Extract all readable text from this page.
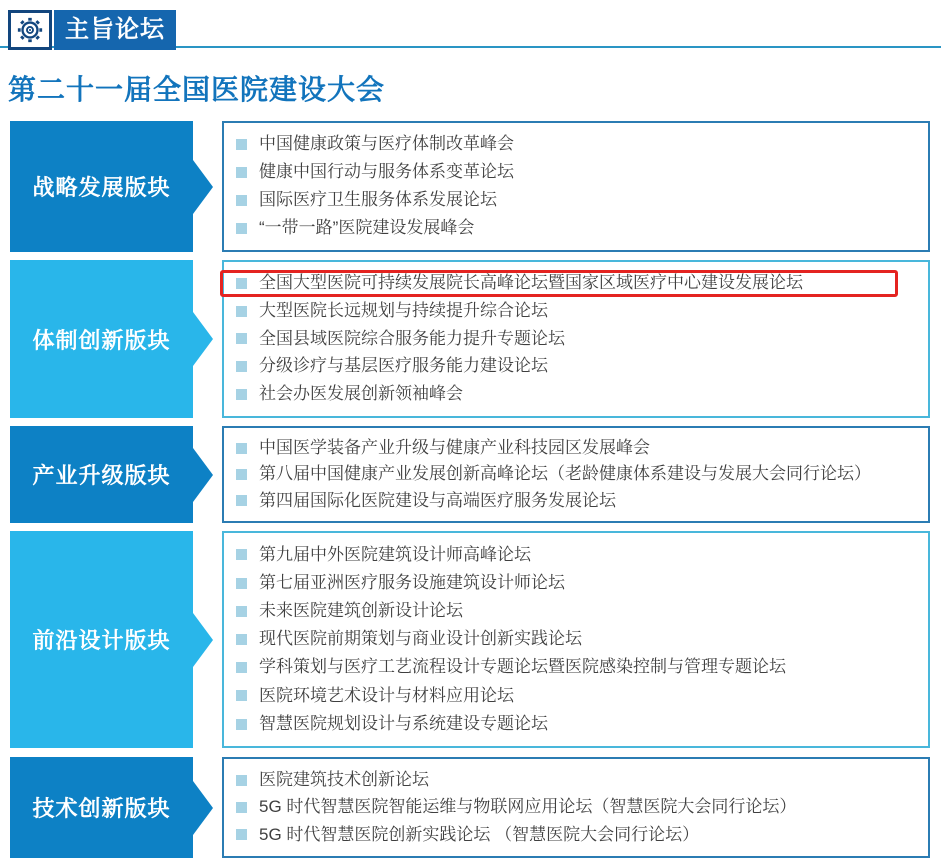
主旨论坛
第二十一届全国医院建设大会
战略发展版块
中国健康政策与医疗体制改革峰会
健康中国行动与服务体系变革论坛
国际医疗卫生服务体系发展论坛
“一带一路”医院建设发展峰会
体制创新版块
全国大型医院可持续发展院长高峰论坛暨国家区域医疗中心建设发展论坛
大型医院长远规划与持续提升综合论坛
全国县域医院综合服务能力提升专题论坛
分级诊疗与基层医疗服务能力建设论坛
社会办医发展创新领袖峰会
产业升级版块
中国医学装备产业升级与健康产业科技园区发展峰会
第八届中国健康产业发展创新高峰论坛（老龄健康体系建设与发展大会同行论坛）
第四届国际化医院建设与高端医疗服务发展论坛
前沿设计版块
第九届中外医院建筑设计师高峰论坛
第七届亚洲医疗服务设施建筑设计师论坛
未来医院建筑创新设计论坛
现代医院前期策划与商业设计创新实践论坛
学科策划与医疗工艺流程设计专题论坛暨医院感染控制与管理专题论坛
医院环境艺术设计与材料应用论坛
智慧医院规划设计与系统建设专题论坛
技术创新版块
医院建筑技术创新论坛
5G 时代智慧医院智能运维与物联网应用论坛（智慧医院大会同行论坛）
5G 时代智慧医院创新实践论坛 （智慧医院大会同行论坛）
